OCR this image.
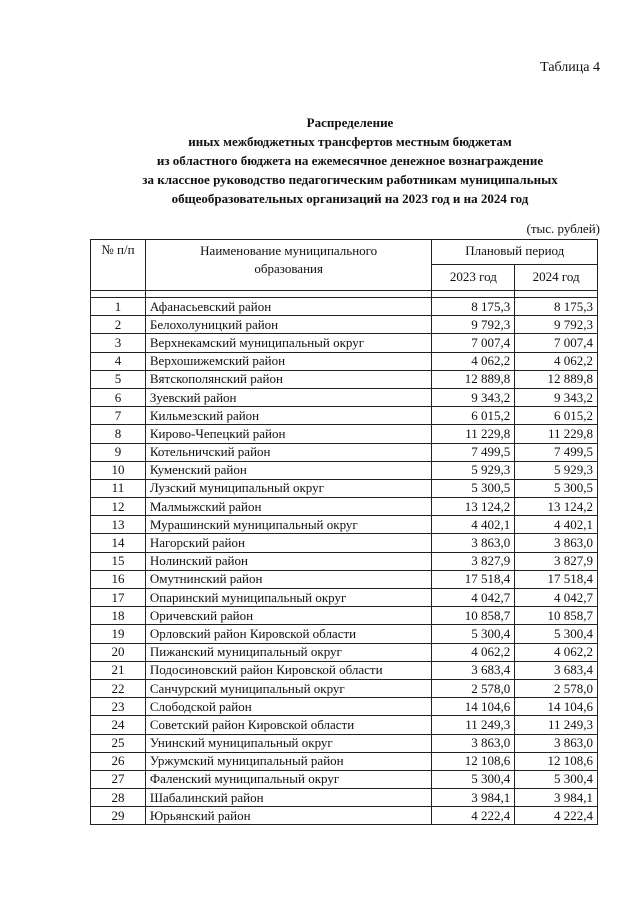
Таблица 4
Распределение
иных межбюджетных трансфертов местным бюджетам
из областного бюджета на ежемесячное денежное вознаграждение
за классное руководство педагогическим работникам муниципальных
общеобразовательных организаций на 2023 год и на 2024 год
(тыс. рублей)
№ п/п	Наименование муниципального образования	Плановый период	
		2023 год	2024 год

1	Афанасьевский район	8 175,3	8 175,3
2	Белохолуницкий район	9 792,3	9 792,3
3	Верхнекамский муниципальный округ	7 007,4	7 007,4
4	Верхошижемский район	4 062,2	4 062,2
5	Вятскополянский район	12 889,8	12 889,8
6	Зуевский район	9 343,2	9 343,2
7	Кильмезский район	6 015,2	6 015,2
8	Кирово-Чепецкий район	11 229,8	11 229,8
9	Котельничский район	7 499,5	7 499,5
10	Куменский район	5 929,3	5 929,3
11	Лузский муниципальный округ	5 300,5	5 300,5
12	Малмыжский район	13 124,2	13 124,2
13	Мурашинский муниципальный округ	4 402,1	4 402,1
14	Нагорский район	3 863,0	3 863,0
15	Нолинский район	3 827,9	3 827,9
16	Омутнинский район	17 518,4	17 518,4
17	Опаринский муниципальный округ	4 042,7	4 042,7
18	Оричевский район	10 858,7	10 858,7
19	Орловский район Кировской области	5 300,4	5 300,4
20	Пижанский муниципальный округ	4 062,2	4 062,2
21	Подосиновский район Кировской области	3 683,4	3 683,4
22	Санчурский муниципальный округ	2 578,0	2 578,0
23	Слободской район	14 104,6	14 104,6
24	Советский район Кировской области	11 249,3	11 249,3
25	Унинский муниципальный округ	3 863,0	3 863,0
26	Уржумский муниципальный район	12 108,6	12 108,6
27	Фаленский муниципальный округ	5 300,4	5 300,4
28	Шабалинский район	3 984,1	3 984,1
29	Юрьянский район	4 222,4	4 222,4
